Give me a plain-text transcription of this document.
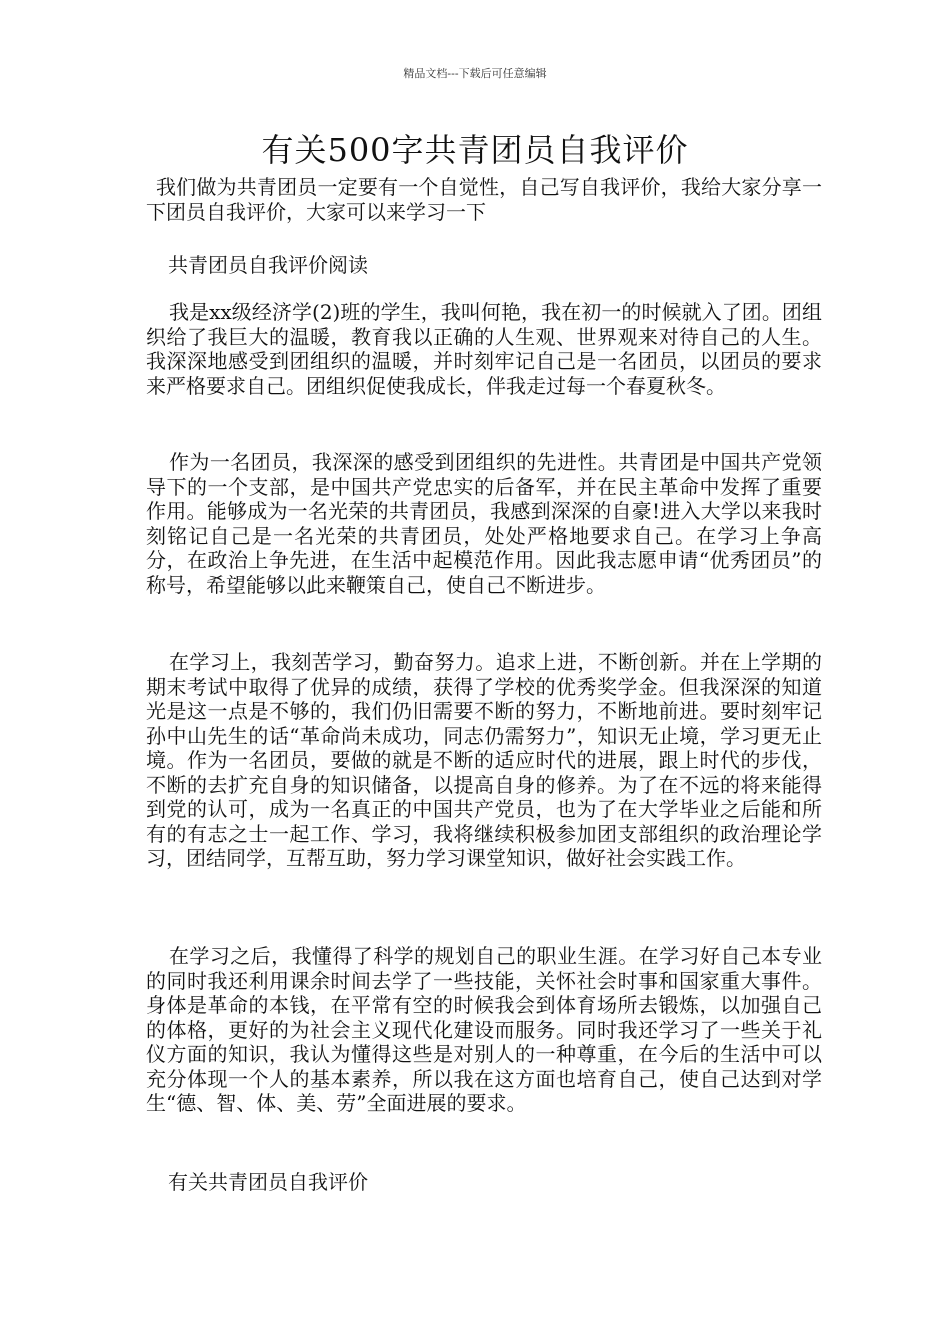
精品文档---下载后可任意编辑
有关500字共青团员自我评价

我们做为共青团员一定要有一个自觉性，自己写自我评价，我给大家分享一下团员自我评价，大家可以来学习一下

共青团员自我评价阅读

我是xx级经济学(2)班的学生，我叫何艳，我在初一的时候就入了团。团组织给了我巨大的温暖，教育我以正确的人生观、世界观来对待自己的人生。我深深地感受到团组织的温暖，并时刻牢记自己是一名团员，以团员的要求来严格要求自己。团组织促使我成长，伴我走过每一个春夏秋冬。

作为一名团员，我深深的感受到团组织的先进性。共青团是中国共产党领导下的一个支部，是中国共产党忠实的后备军，并在民主革命中发挥了重要作用。能够成为一名光荣的共青团员，我感到深深的自豪!进入大学以来我时刻铭记自己是一名光荣的共青团员，处处严格地要求自己。在学习上争高分，在政治上争先进，在生活中起模范作用。因此我志愿申请“优秀团员”的称号，希望能够以此来鞭策自己，使自己不断进步。

在学习上，我刻苦学习，勤奋努力。追求上进，不断创新。并在上学期的期末考试中取得了优异的成绩，获得了学校的优秀奖学金。但我深深的知道光是这一点是不够的，我们仍旧需要不断的努力，不断地前进。要时刻牢记孙中山先生的话“革命尚未成功，同志仍需努力”，知识无止境，学习更无止境。作为一名团员，要做的就是不断的适应时代的进展，跟上时代的步伐，不断的去扩充自身的知识储备，以提高自身的修养。为了在不远的将来能得到党的认可，成为一名真正的中国共产党员，也为了在大学毕业之后能和所有的有志之士一起工作、学习，我将继续积极参加团支部组织的政治理论学习，团结同学，互帮互助，努力学习课堂知识，做好社会实践工作。

在学习之后，我懂得了科学的规划自己的职业生涯。在学习好自己本专业的同时我还利用课余时间去学了一些技能，关怀社会时事和国家重大事件。身体是革命的本钱，在平常有空的时候我会到体育场所去锻炼，以加强自己的体格，更好的为社会主义现代化建设而服务。同时我还学习了一些关于礼仪方面的知识，我认为懂得这些是对别人的一种尊重，在今后的生活中可以充分体现一个人的基本素养，所以我在这方面也培育自己，使自己达到对学生“德、智、体、美、劳”全面进展的要求。

有关共青团员自我评价
